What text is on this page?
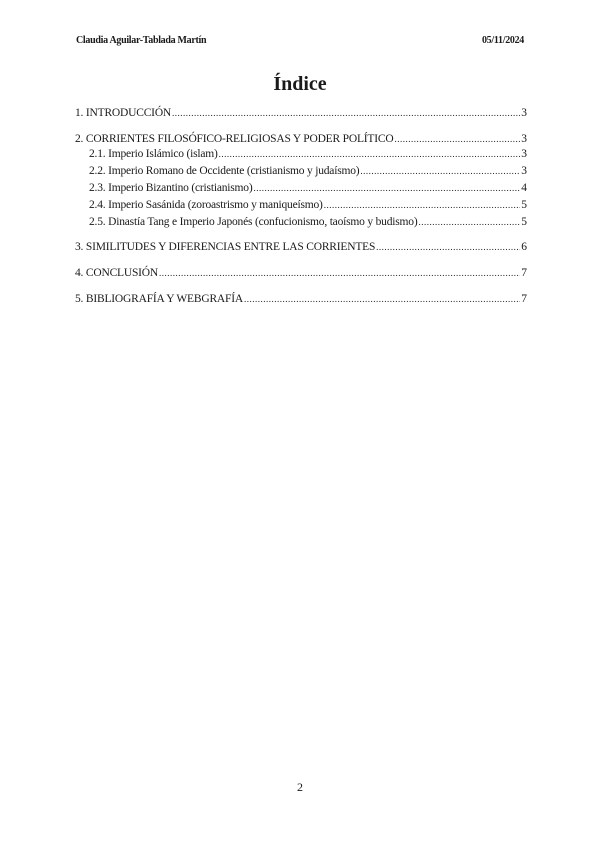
Claudia Aguilar-Tablada Martín	05/11/2024
Índice
1. INTRODUCCIÓN .....	3
2. CORRIENTES FILOSÓFICO-RELIGIOSAS Y PODER POLÍTICO .....	3
2.1. Imperio Islámico (islam) .....	3
2.2. Imperio Romano de Occidente (cristianismo y judaísmo) .....	3
2.3. Imperio Bizantino (cristianismo) .....	4
2.4. Imperio Sasánida (zoroastrismo y maniqueísmo) .....	5
2.5. Dinastía Tang e Imperio Japonés (confucionismo, taoísmo y budismo) .....	5
3. SIMILITUDES Y DIFERENCIAS ENTRE LAS CORRIENTES .....	6
4. CONCLUSIÓN .....	7
5. BIBLIOGRAFÍA Y WEBGRAFÍA .....	7
2
